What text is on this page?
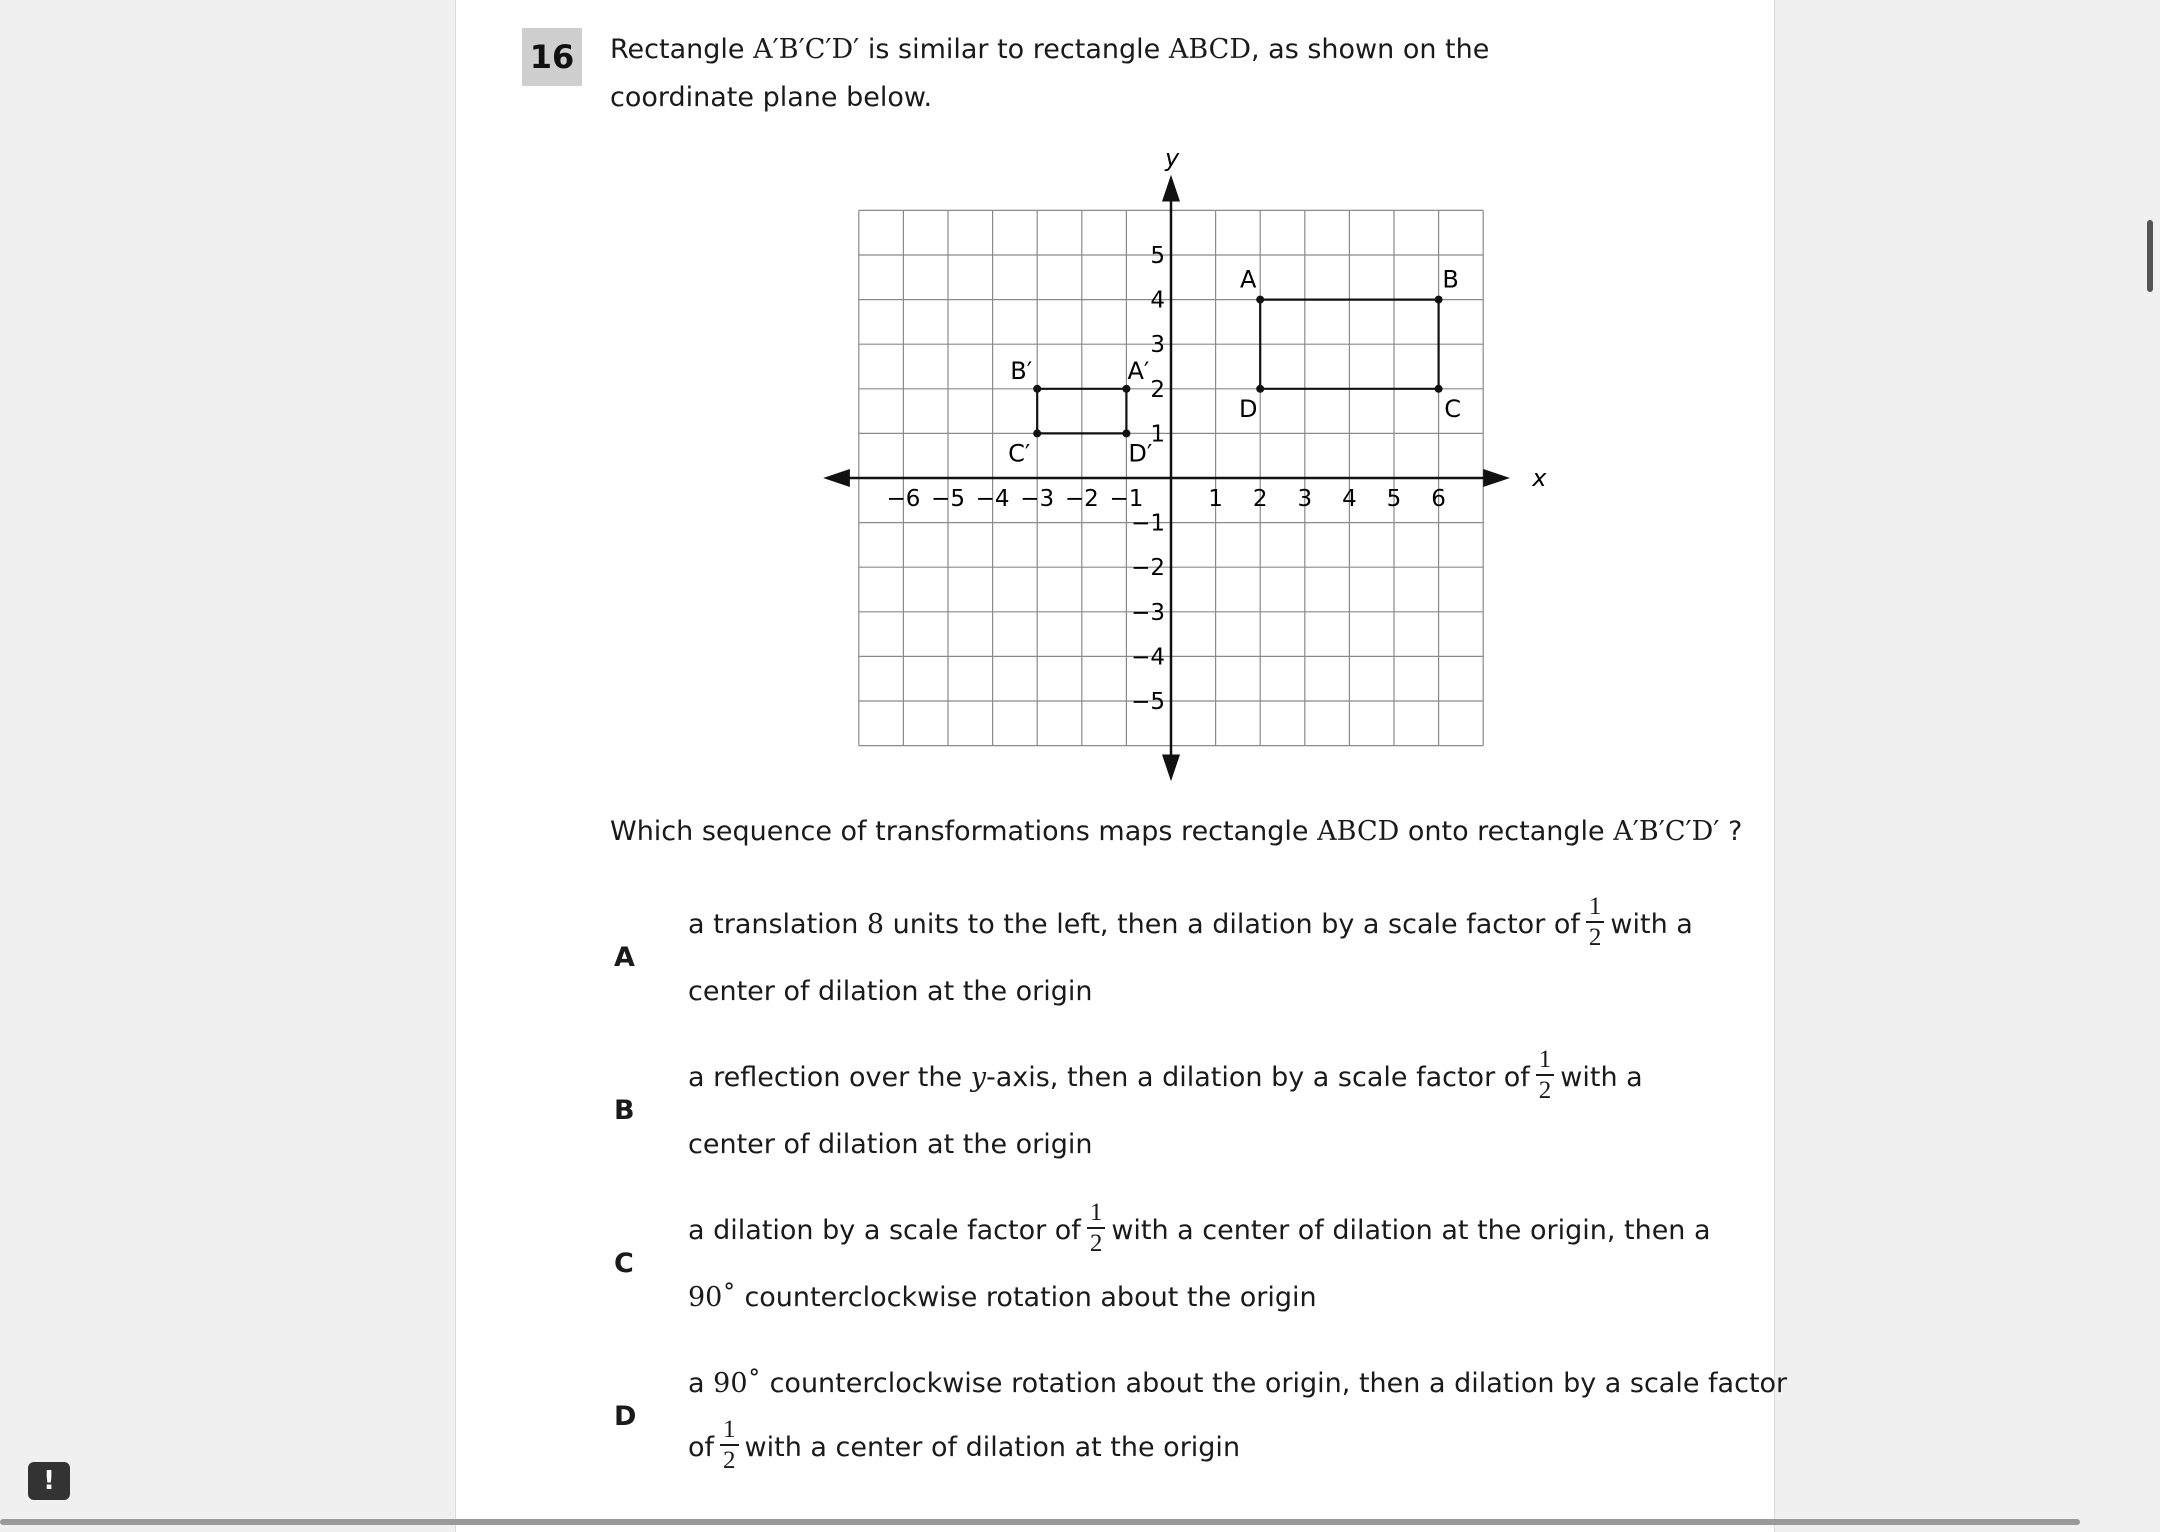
16 Rectangle A′B′C′D′ is similar to rectangle ABCD, as shown on the
coordinate plane below.
x
y
−6 −5 −4 −3 −2 −1	1 2 3 4 5 6
5
4
3
2
1
−1
−2
−3
−4
−5
A	B
C
D
A′
B′
C′	D′
Which sequence of transformations maps rectangle ABCD onto rectangle A′B′C′D′ ?
A
a translation 8 units to the left, then a dilation by a scale factor of $\frac{1}{2}$ with a
center of dilation at the origin
B
a reflection over the y-axis, then a dilation by a scale factor of $\frac{1}{2}$ with a
center of dilation at the origin
C
a dilation by a scale factor of $\frac{1}{2}$ with a center of dilation at the origin, then a
90˚ counterclockwise rotation about the origin
D
a 90˚ counterclockwise rotation about the origin, then a dilation by a scale factor
of $\frac{1}{2}$ with a center of dilation at the origin
!
